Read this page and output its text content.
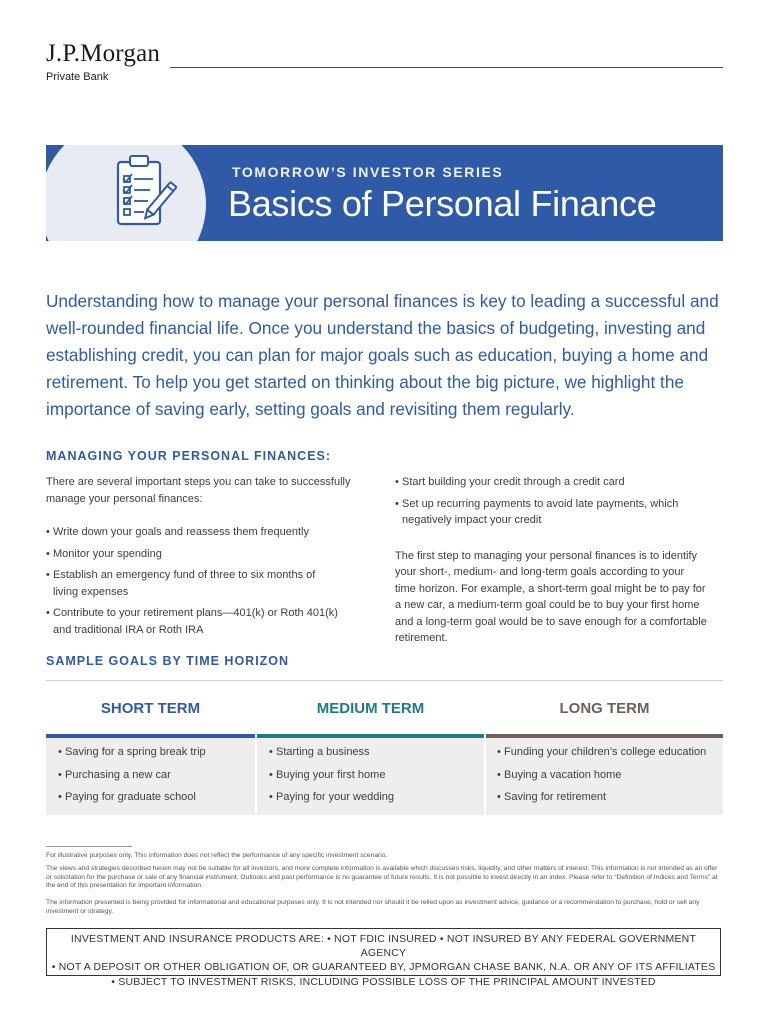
J.P.Morgan
Private Bank
TOMORROW’S INVESTOR SERIES
Basics of Personal Finance
Understanding how to manage your personal finances is key to leading a successful and well-rounded financial life. Once you understand the basics of budgeting, investing and establishing credit, you can plan for major goals such as education, buying a home and retirement. To help you get started on thinking about the big picture, we highlight the importance of saving early, setting goals and revisiting them regularly.
MANAGING YOUR PERSONAL FINANCES:
There are several important steps you can take to successfully manage your personal finances:
• Write down your goals and reassess them frequently
• Monitor your spending
• Establish an emergency fund of three to six months of living expenses
• Contribute to your retirement plans—401(k) or Roth 401(k) and traditional IRA or Roth IRA
• Start building your credit through a credit card
• Set up recurring payments to avoid late payments, which negatively impact your credit
The first step to managing your personal finances is to identify your short-, medium- and long-term goals according to your time horizon. For example, a short-term goal might be to pay for a new car, a medium-term goal could be to buy your first home and a long-term goal would be to save enough for a comfortable retirement.
SAMPLE GOALS BY TIME HORIZON
SHORT TERM	MEDIUM TERM	LONG TERM
• Saving for a spring break trip
• Purchasing a new car
• Paying for graduate school
• Starting a business
• Buying your first home
• Paying for your wedding
• Funding your children’s college education
• Buying a vacation home
• Saving for retirement
For illustrative purposes only. This information does not reflect the performance of any specific investment scenario.
The views and strategies described herein may not be suitable for all investors, and more complete information is available which discusses risks, liquidity, and other matters of interest. This information is not intended as an offer or solicitation for the purchase or sale of any financial instrument. Outlooks and past performance is no guarantee of future results. It is not possible to invest directly in an index. Please refer to “Definition of Indices and Terms” at the end of this presentation for important information.
The information presented is being provided for informational and educational purposes only. It is not intended nor should it be relied upon as investment advice, guidance or a recommendation to purchase, hold or sell any investment or strategy.
INVESTMENT AND INSURANCE PRODUCTS ARE: • NOT FDIC INSURED • NOT INSURED BY ANY FEDERAL GOVERNMENT AGENCY
• NOT A DEPOSIT OR OTHER OBLIGATION OF, OR GUARANTEED BY, JPMORGAN CHASE BANK, N.A. OR ANY OF ITS AFFILIATES
• SUBJECT TO INVESTMENT RISKS, INCLUDING POSSIBLE LOSS OF THE PRINCIPAL AMOUNT INVESTED
